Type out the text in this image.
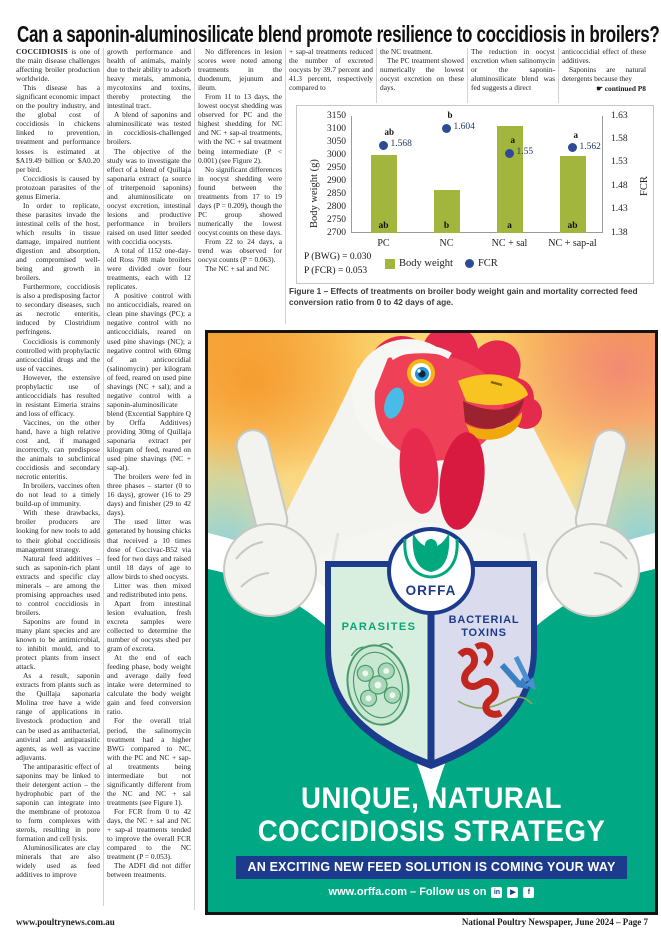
Can a saponin-aluminosilicate blend promote resilience to coccidiosis in broilers?

COCCIDIOSIS is one of the main disease challenges affecting broiler production worldwide.

This disease has a significant economic impact on the poultry industry, and the global cost of coccidiosis in chickens linked to prevention, treatment and performance losses is estimated at $A19.49 billion or $A0.20 per bird.

Coccidiosis is caused by protozoan parasites of the genus Eimeria.

In order to replicate, these parasites invade the intestinal cells of the host, which results in tissue damage, impaired nutrient digestion and absorption, and compromised well-being and growth in broilers.

Furthermore, coccidiosis is also a predisposing factor to secondary diseases, such as necrotic enteritis, induced by Clostridium perfringens.

Coccidiosis is commonly controlled with prophylactic anticoccidial drugs and the use of vaccines.

However, the extensive prophylactic use of anticoccidials has resulted in resistant Eimeria strains and loss of efficacy.

Vaccines, on the other hand, have a high relative cost and, if managed incorrectly, can predispose the animals to subclinical coccidiosis and secondary necrotic enteritis.

In broilers, vaccines often do not lead to a timely build-up of immunity.

With these drawbacks, broiler producers are looking for new tools to add to their global coccidiosis management strategy.

Natural feed additives – such as saponin-rich plant extracts and specific clay minerals – are among the promising approaches used to control coccidiosis in broilers.

Saponins are found in many plant species and are known to be antimicrobial, to inhibit mould, and to protect plants from insect attack.

As a result, saponin extracts from plants such as the Quillaja saponaria Molina tree have a wide range of applications in livestock production and can be used as antibacterial, antiviral and antiparasitic agents, as well as vaccine adjuvants.

The antiparasitic effect of saponins may be linked to their detergent action – the hydrophobic part of the saponin can integrate into the membrane of protozoa to form complexes with sterols, resulting in pore formation and cell lysis.

Aluminosilicates are clay minerals that are also widely used as feed additives to improve

growth performance and health of animals, mainly due to their ability to adsorb heavy metals, ammonia, mycotoxins and toxins, thereby protecting the intestinal tract.

A blend of saponins and aluminosilicate was tested in coccidiosis-challenged broilers.

The objective of the study was to investigate the effect of a blend of Quillaja saponaria extract (a source of triterpenoid saponins) and aluminosilicate on oocyst excretion, intestinal lesions and productive performance in broilers raised on used litter seeded with coccidia oocysts.

A total of 1152 one-day-old Ross 708 male broilers were divided over four treatments, each with 12 replicates.

A positive control with no anticoccidials, reared on clean pine shavings (PC); a negative control with no anticoccidials, reared on used pine shavings (NC); a negative control with 60mg of an anticoccidial (salinomycin) per kilogram of feed, reared on used pine shavings (NC + sal); and a negative control with a saponin-aluminosilicate blend (Excential Sapphire Q by Orffa Additives) providing 30mg of Quillaja saponaria extract per kilogram of feed, reared on used pine shavings (NC + sap-al).

The broilers were fed in three phases – starter (0 to 16 days), grower (16 to 29 days) and finisher (29 to 42 days).

The used litter was generated by housing chicks that received a 10 times dose of Coccivac-B52 via feed for two days and raised until 18 days of age to allow birds to shed oocysts.

Litter was then mixed and redistributed into pens.

Apart from intestinal lesion evaluation, fresh excreta samples were collected to determine the number of oocysts shed per gram of excreta.

At the end of each feeding phase, body weight and average daily feed intake were determined to calculate the body weight gain and feed conversion ratio.

For the overall trial period, the salinomycin treatment had a higher BWG compared to NC, with the PC and NC + sap-al treatments being intermediate but not significantly different from the NC and NC + sal treatments (see Figure 1).

For FCR from 0 to 42 days, the NC + sal and NC + sap-al treatments tended to improve the overall FCR compared to the NC treatment (P = 0.053).

The ADFI did not differ between treatments.

No differences in lesion scores were noted among treatments in the duodenum, jejunum and ileum.

From 11 to 13 days, the lowest oocyst shedding was observed for PC and the highest shedding for NC and NC + sap-al treatments, with the NC + sal treatment being intermediate (P < 0.001) (see Figure 2).

No significant differences in oocyst shedding were found between the treatments from 17 to 19 days (P = 0.209), though the PC group showed numerically the lowest oocyst counts on these days.

From 22 to 24 days, a trend was observed for oocyst counts (P = 0.063).

The NC + sal and NC

+ sap-al treatments reduced the number of excreted oocysts by 39.7 percent and 41.3 percent, respectively compared to

the NC treatment.

The PC treatment showed numerically the lowest oocyst excretion on these days.

The reduction in oocyst excretion when salinomycin or the saponin-aluminosilicate blend was fed suggests a direct

anticoccidial effect of these additives.

Saponins are natural detergents because they

☛ continued P8
Body weight (g)	FCR
3150
3100
3050
3000
2950
2900
2850
2800
2750
2700
1.63
1.58
1.53
1.48
1.43
1.38
ab
ab
1.568
PC
b
b
1.604
NC
a
a
1.55
NC + sal
ab
a
1.562
NC + sap-al
P (BWG) = 0.030
P (FCR) = 0.053
Body weight FCR
Figure 1 – Effects of treatments on broiler body weight gain and mortality corrected feed conversion ratio from 0 to 42 days of age.
PARASITES
BACTERIAL
TOXINS
ORFFA
UNIQUE, NATURAL
COCCIDIOSIS STRATEGY
AN EXCITING NEW FEED SOLUTION IS COMING YOUR WAY
www.orffa.com – Follow us on	in	▶	f
www.poultrynews.com.au	National Poultry Newspaper, June 2024 – Page 7
